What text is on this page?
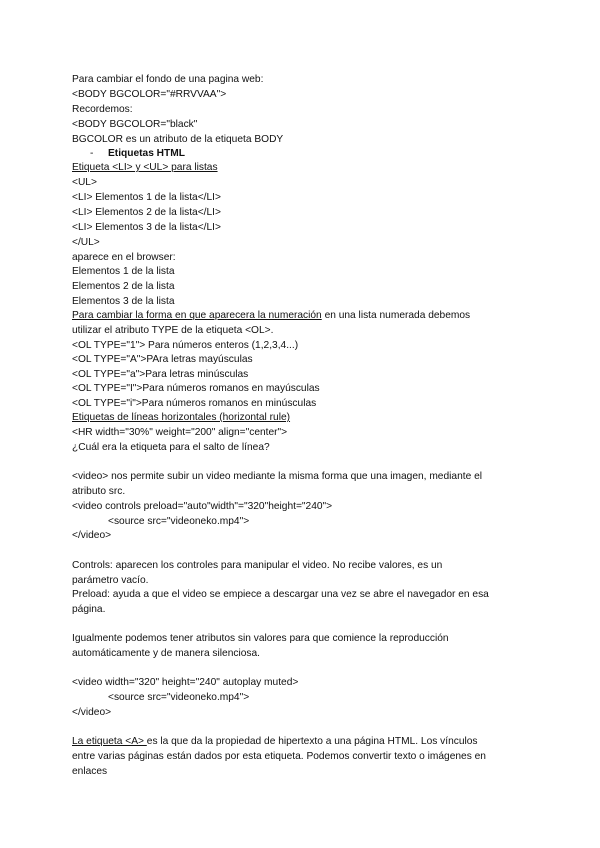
Para cambiar el fondo de una pagina web:

<BODY BGCOLOR="#RRVVAA">

Recordemos:

<BODY BGCOLOR="black"

BGCOLOR es un atributo de la etiqueta BODY

- Etiquetas HTML

Etiqueta <LI> y <UL> para listas

<UL>

<LI> Elementos 1 de la lista</LI>

<LI> Elementos 2 de la lista</LI>

<LI> Elementos 3 de la lista</LI>

</UL>

aparece en el browser:

Elementos 1 de la lista

Elementos 2 de la lista

Elementos 3 de la lista

Para cambiar la forma en que aparecera la numeración en una lista numerada debemos

utilizar el atributo TYPE de la etiqueta <OL>.

<OL TYPE="1"> Para números enteros (1,2,3,4...)

<OL TYPE="A">PAra letras mayúsculas

<OL TYPE="a">Para letras minúsculas

<OL TYPE="I">Para números romanos en mayúsculas

<OL TYPE="i">Para números romanos en minúsculas

Etiquetas de líneas horizontales (horizontal rule)

<HR width="30%" weight="200" align="center">

¿Cuál era la etiqueta para el salto de línea?

<video> nos permite subir un video mediante la misma forma que una imagen, mediante el

atributo src.

<video controls preload="auto"width"="320"height="240">

<source src="videoneko.mp4">

</video>

Controls: aparecen los controles para manipular el video. No recibe valores, es un

parámetro vacío.

Preload: ayuda a que el video se empiece a descargar una vez se abre el navegador en esa

página.

Igualmente podemos tener atributos sin valores para que comience la reproducción

automáticamente y de manera silenciosa.

<video width="320" height="240" autoplay muted>

<source src="videoneko.mp4">

</video>

La etiqueta <A> es la que da la propiedad de hipertexto a una página HTML. Los vínculos

entre varias páginas están dados por esta etiqueta. Podemos convertir texto o imágenes en

enlaces
